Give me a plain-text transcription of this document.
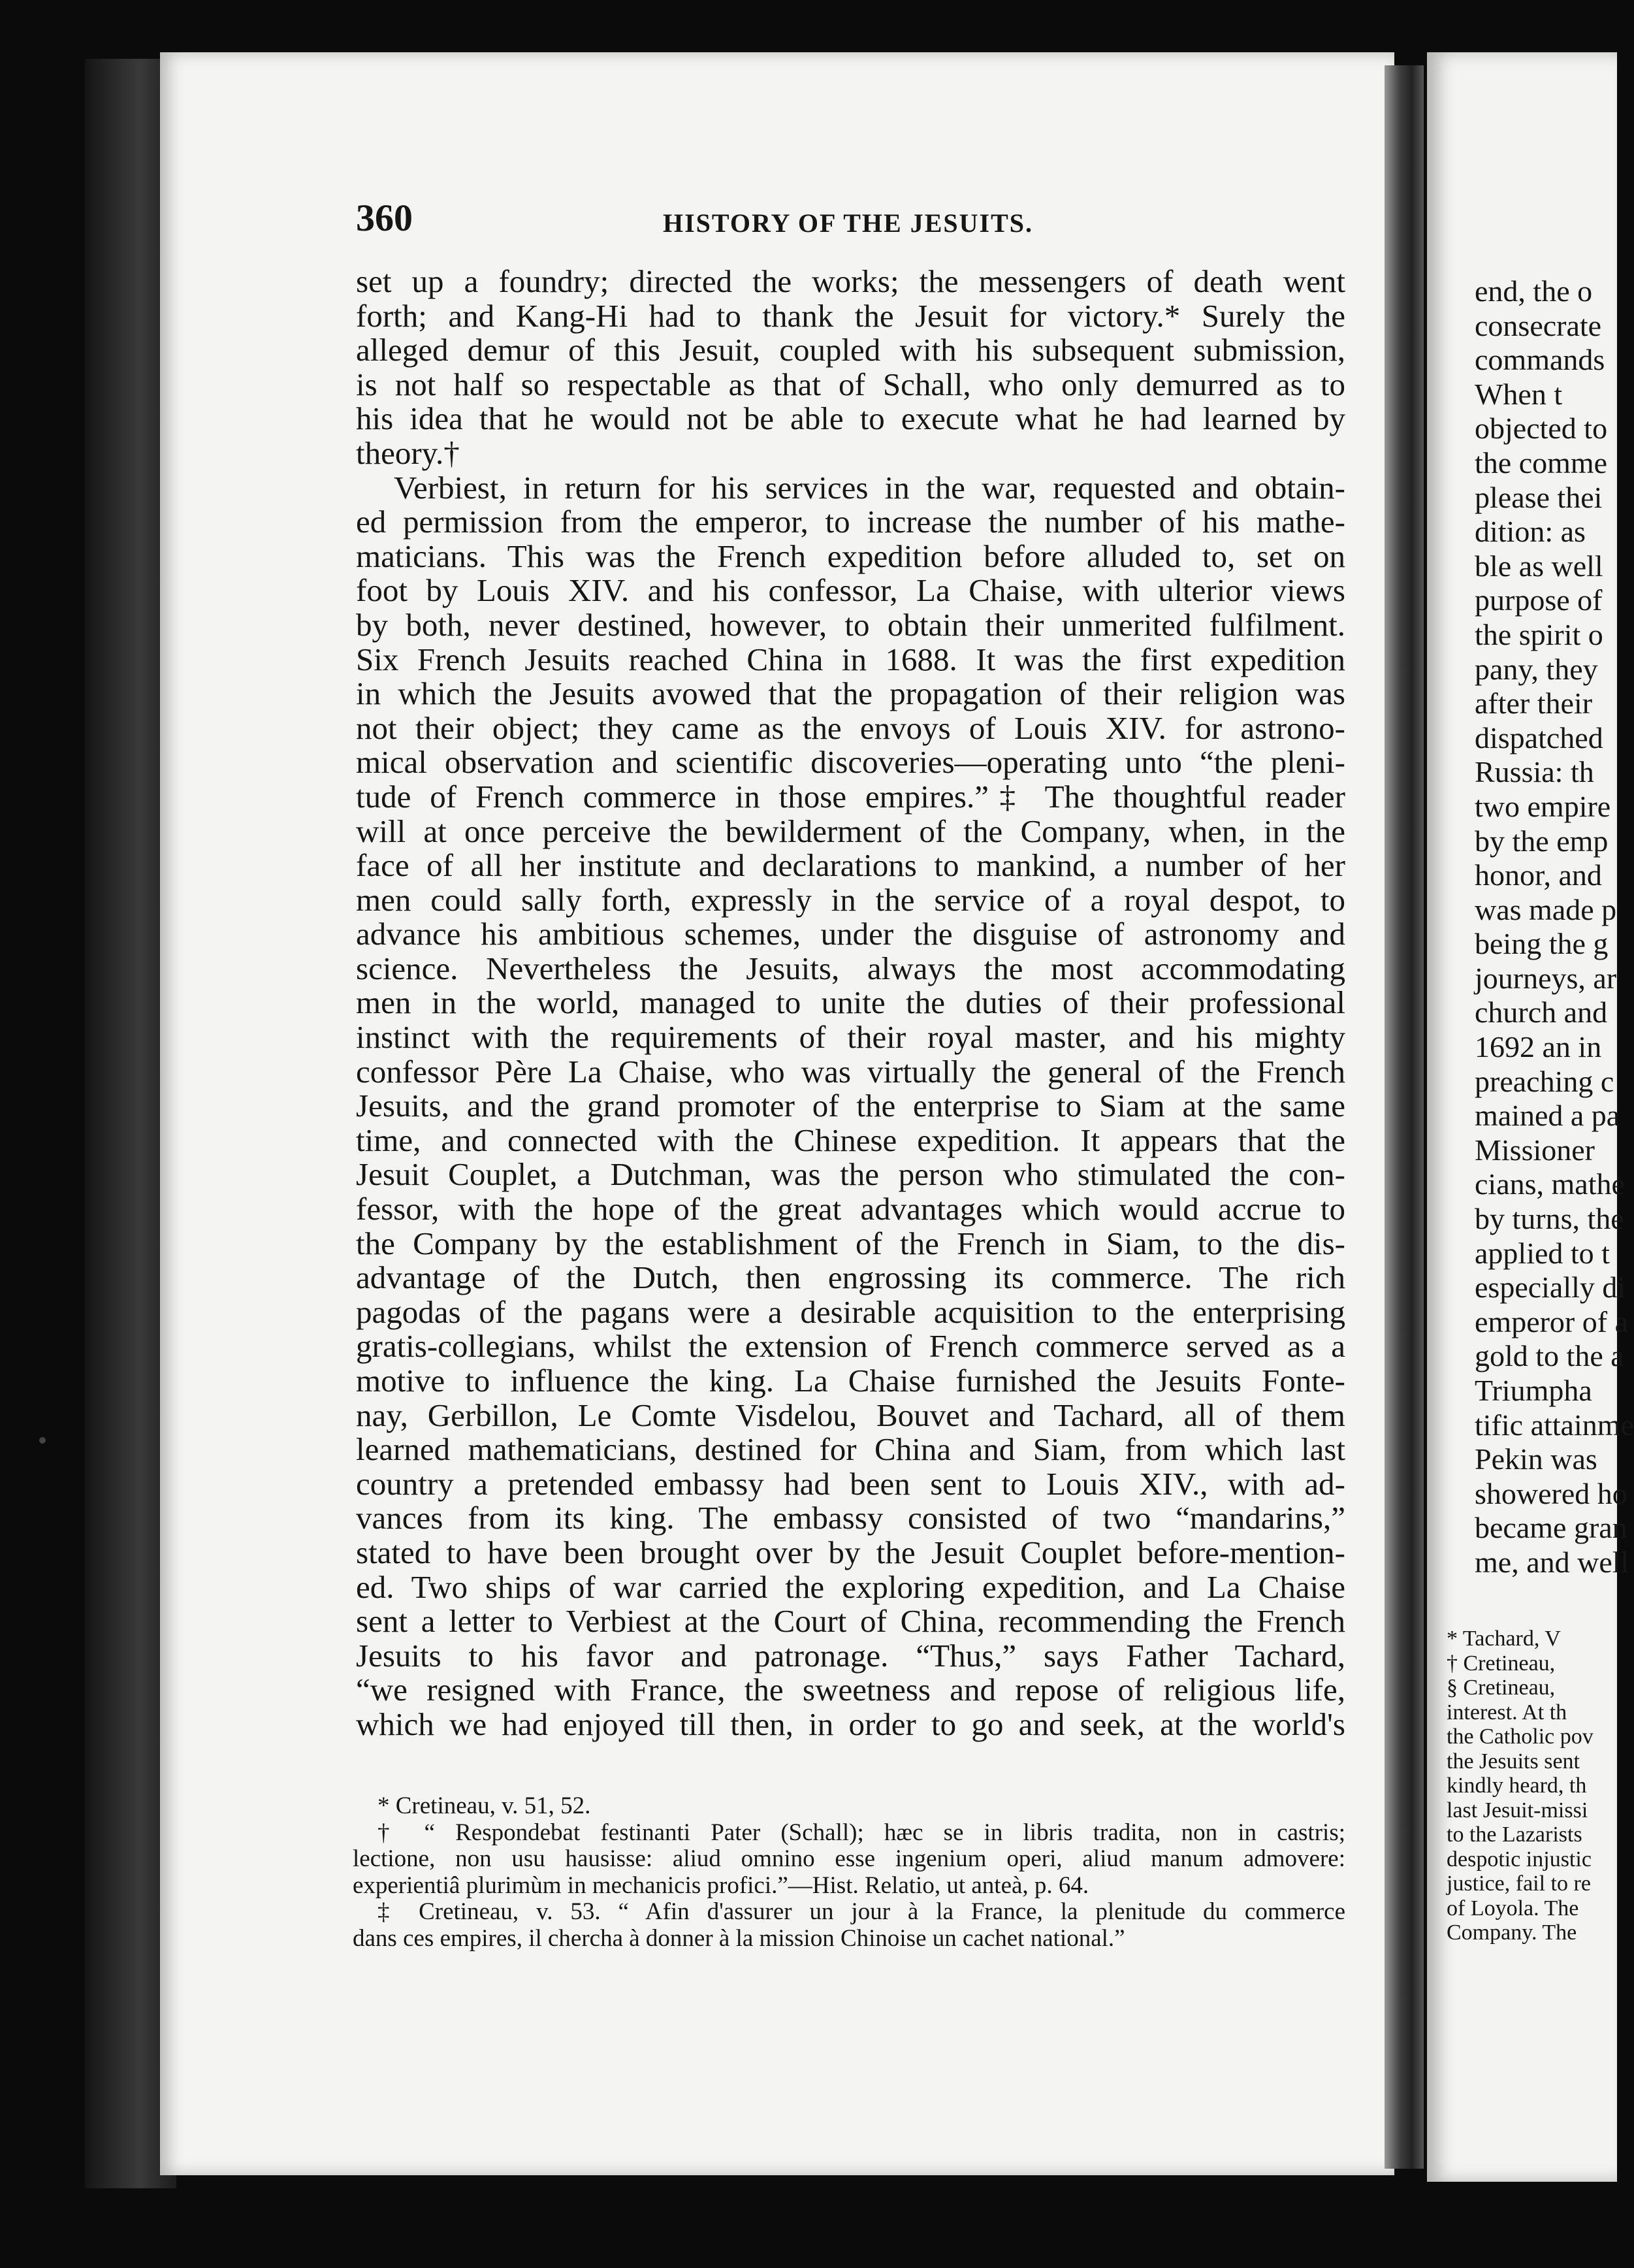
360	HISTORY OF THE JESUITS.
set up a foundry; directed the works; the messengers of death went
forth; and Kang-Hi had to thank the Jesuit for victory.* Surely the
alleged demur of this Jesuit, coupled with his subsequent submission,
is not half so respectable as that of Schall, who only demurred as to
his idea that he would not be able to execute what he had learned by
theory.†
Verbiest, in return for his services in the war, requested and obtain-
ed permission from the emperor, to increase the number of his mathe-
maticians. This was the French expedition before alluded to, set on
foot by Louis XIV. and his confessor, La Chaise, with ulterior views
by both, never destined, however, to obtain their unmerited fulfilment.
Six French Jesuits reached China in 1688. It was the first expedition
in which the Jesuits avowed that the propagation of their religion was
not their object; they came as the envoys of Louis XIV. for astrono-
mical observation and scientific discoveries—operating unto “the pleni-
tude of French commerce in those empires.”‡ The thoughtful reader
will at once perceive the bewilderment of the Company, when, in the
face of all her institute and declarations to mankind, a number of her
men could sally forth, expressly in the service of a royal despot, to
advance his ambitious schemes, under the disguise of astronomy and
science. Nevertheless the Jesuits, always the most accommodating
men in the world, managed to unite the duties of their professional
instinct with the requirements of their royal master, and his mighty
confessor Père La Chaise, who was virtually the general of the French
Jesuits, and the grand promoter of the enterprise to Siam at the same
time, and connected with the Chinese expedition. It appears that the
Jesuit Couplet, a Dutchman, was the person who stimulated the con-
fessor, with the hope of the great advantages which would accrue to
the Company by the establishment of the French in Siam, to the dis-
advantage of the Dutch, then engrossing its commerce. The rich
pagodas of the pagans were a desirable acquisition to the enterprising
gratis-collegians, whilst the extension of French commerce served as a
motive to influence the king. La Chaise furnished the Jesuits Fonte-
nay, Gerbillon, Le Comte Visdelou, Bouvet and Tachard, all of them
learned mathematicians, destined for China and Siam, from which last
country a pretended embassy had been sent to Louis XIV., with ad-
vances from its king. The embassy consisted of two “mandarins,”
stated to have been brought over by the Jesuit Couplet before-mention-
ed. Two ships of war carried the exploring expedition, and La Chaise
sent a letter to Verbiest at the Court of China, recommending the French
Jesuits to his favor and patronage. “Thus,” says Father Tachard,
“we resigned with France, the sweetness and repose of religious life,
which we had enjoyed till then, in order to go and seek, at the world's
* Cretineau, v. 51, 52.
† “ Respondebat festinanti Pater (Schall); hæc se in libris tradita, non in castris;
lectione, non usu hausisse: aliud omnino esse ingenium operi, aliud manum admovere:
experientiâ plurimùm in mechanicis profici.”—Hist. Relatio, ut anteà, p. 64.
‡ Cretineau, v. 53. “ Afin d'assurer un jour à la France, la plenitude du commerce
dans ces empires, il chercha à donner à la mission Chinoise un cachet national.”
end, the o
consecrate
commands
When t
objected to
the comme
please thei
dition: as
ble as well
purpose of
the spirit o
pany, they
after their
dispatched
Russia: th
two empire
by the emp
honor, and
was made p
being the g
journeys, ar
church and
1692 an in
preaching c
mained a pa
Missioner
cians, mathe
by turns, the
applied to t
especially di
emperor of a
gold to the a
Triumpha
tific attainme
Pekin was
showered ho
became gran
me, and well
* Tachard, V
† Cretineau,
§ Cretineau,
interest. At th
the Catholic pov
the Jesuits sent
kindly heard, th
last Jesuit-missi
to the Lazarists
despotic injustic
justice, fail to re
of Loyola. The
Company. The
